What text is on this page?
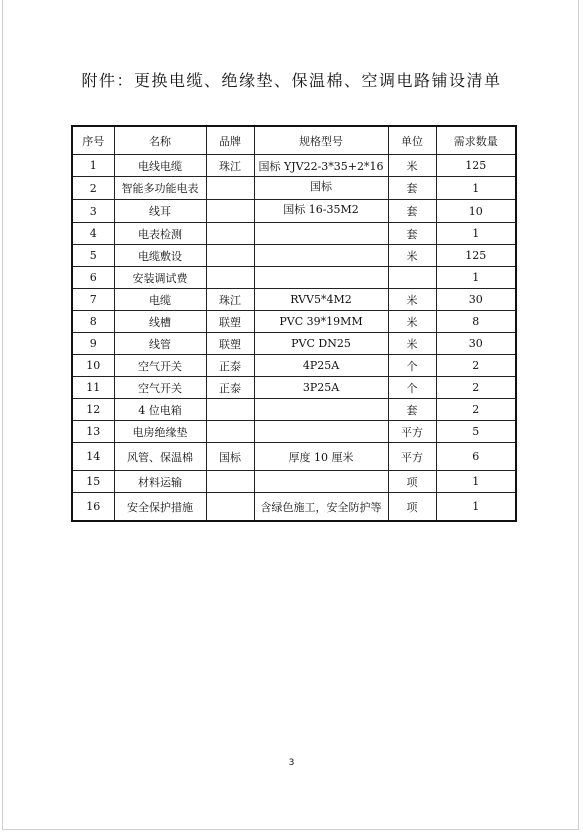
附件：更换电缆、绝缘垫、保温棉、空调电路铺设清单
序号	名称	品牌	规格型号	单位	需求数量
1	电线电缆	珠江	国标 YJV22-3*35+2*16	米	125
2	智能多功能电表		国标	套	1
3	线耳		国标 16-35M2	套	10
4	电表检测			套	1
5	电缆敷设			米	125
6	安装调试费				1
7	电缆	珠江	RVV5*4M2	米	30
8	线槽	联塑	PVC 39*19MM	米	8
9	线管	联塑	PVC DN25	米	30
10	空气开关	正泰	4P25A	个	2
11	空气开关	正泰	3P25A	个	2
12	4 位电箱			套	2
13	电房绝缘垫			平方	5
14	风管、保温棉	国标	厚度 10 厘米	平方	6
15	材料运输			项	1
16	安全保护措施		含绿色施工，安全防护等	项	1
3
